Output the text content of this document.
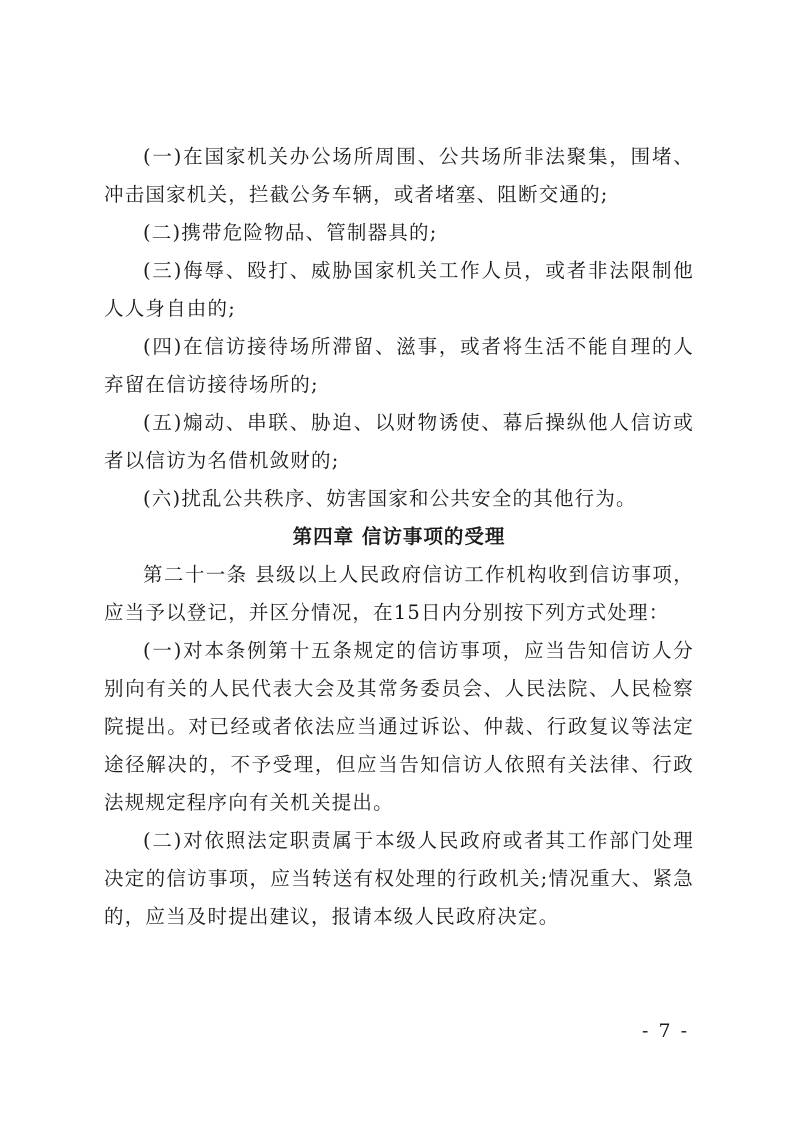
(一)在国家机关办公场所周围、公共场所非法聚集，围堵、冲击国家机关，拦截公务车辆，或者堵塞、阻断交通的;

(二)携带危险物品、管制器具的;

(三)侮辱、殴打、威胁国家机关工作人员，或者非法限制他人人身自由的;

(四)在信访接待场所滞留、滋事，或者将生活不能自理的人弃留在信访接待场所的;

(五)煽动、串联、胁迫、以财物诱使、幕后操纵他人信访或者以信访为名借机敛财的;

(六)扰乱公共秩序、妨害国家和公共安全的其他行为。

第四章 信访事项的受理

第二十一条 县级以上人民政府信访工作机构收到信访事项，应当予以登记，并区分情况，在15日内分别按下列方式处理：

(一)对本条例第十五条规定的信访事项，应当告知信访人分别向有关的人民代表大会及其常务委员会、人民法院、人民检察院提出。对已经或者依法应当通过诉讼、仲裁、行政复议等法定途径解决的，不予受理，但应当告知信访人依照有关法律、行政法规规定程序向有关机关提出。

(二)对依照法定职责属于本级人民政府或者其工作部门处理决定的信访事项，应当转送有权处理的行政机关;情况重大、紧急的，应当及时提出建议，报请本级人民政府决定。

- 7 -
